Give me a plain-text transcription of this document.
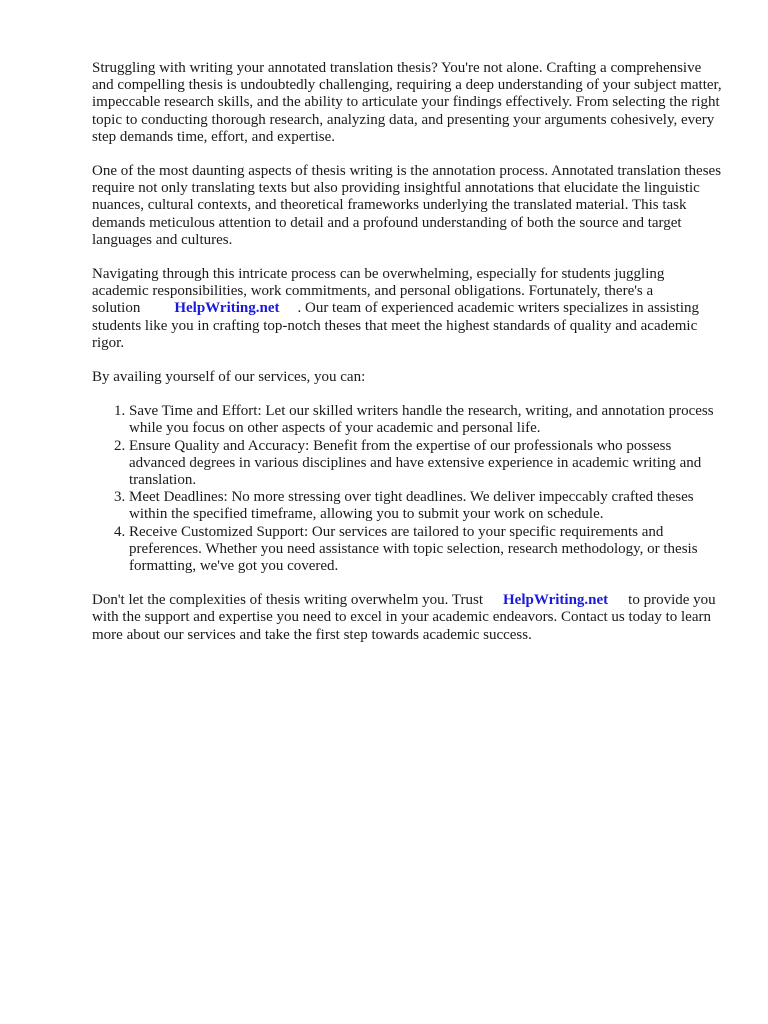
Struggling with writing your annotated translation thesis? You're not alone. Crafting a comprehensive and compelling thesis is undoubtedly challenging, requiring a deep understanding of your subject matter, impeccable research skills, and the ability to articulate your findings effectively. From selecting the right topic to conducting thorough research, analyzing data, and presenting your arguments cohesively, every step demands time, effort, and expertise.

One of the most daunting aspects of thesis writing is the annotation process. Annotated translation theses require not only translating texts but also providing insightful annotations that elucidate the linguistic nuances, cultural contexts, and theoretical frameworks underlying the translated material. This task demands meticulous attention to detail and a profound understanding of both the source and target languages and cultures.

Navigating through this intricate process can be overwhelming, especially for students juggling academic responsibilities, work commitments, and personal obligations. Fortunately, there's a solution HelpWriting.net . Our team of experienced academic writers specializes in assisting students like you in crafting top-notch theses that meet the highest standards of quality and academic rigor.

By availing yourself of our services, you can:

1. Save Time and Effort: Let our skilled writers handle the research, writing, and annotation process while you focus on other aspects of your academic and personal life.
2. Ensure Quality and Accuracy: Benefit from the expertise of our professionals who possess advanced degrees in various disciplines and have extensive experience in academic writing and translation.
3. Meet Deadlines: No more stressing over tight deadlines. We deliver impeccably crafted theses within the specified timeframe, allowing you to submit your work on schedule.
4. Receive Customized Support: Our services are tailored to your specific requirements and preferences. Whether you need assistance with topic selection, research methodology, or thesis formatting, we've got you covered.

Don't let the complexities of thesis writing overwhelm you. Trust HelpWriting.net to provide you with the support and expertise you need to excel in your academic endeavors. Contact us today to learn more about our services and take the first step towards academic success.
